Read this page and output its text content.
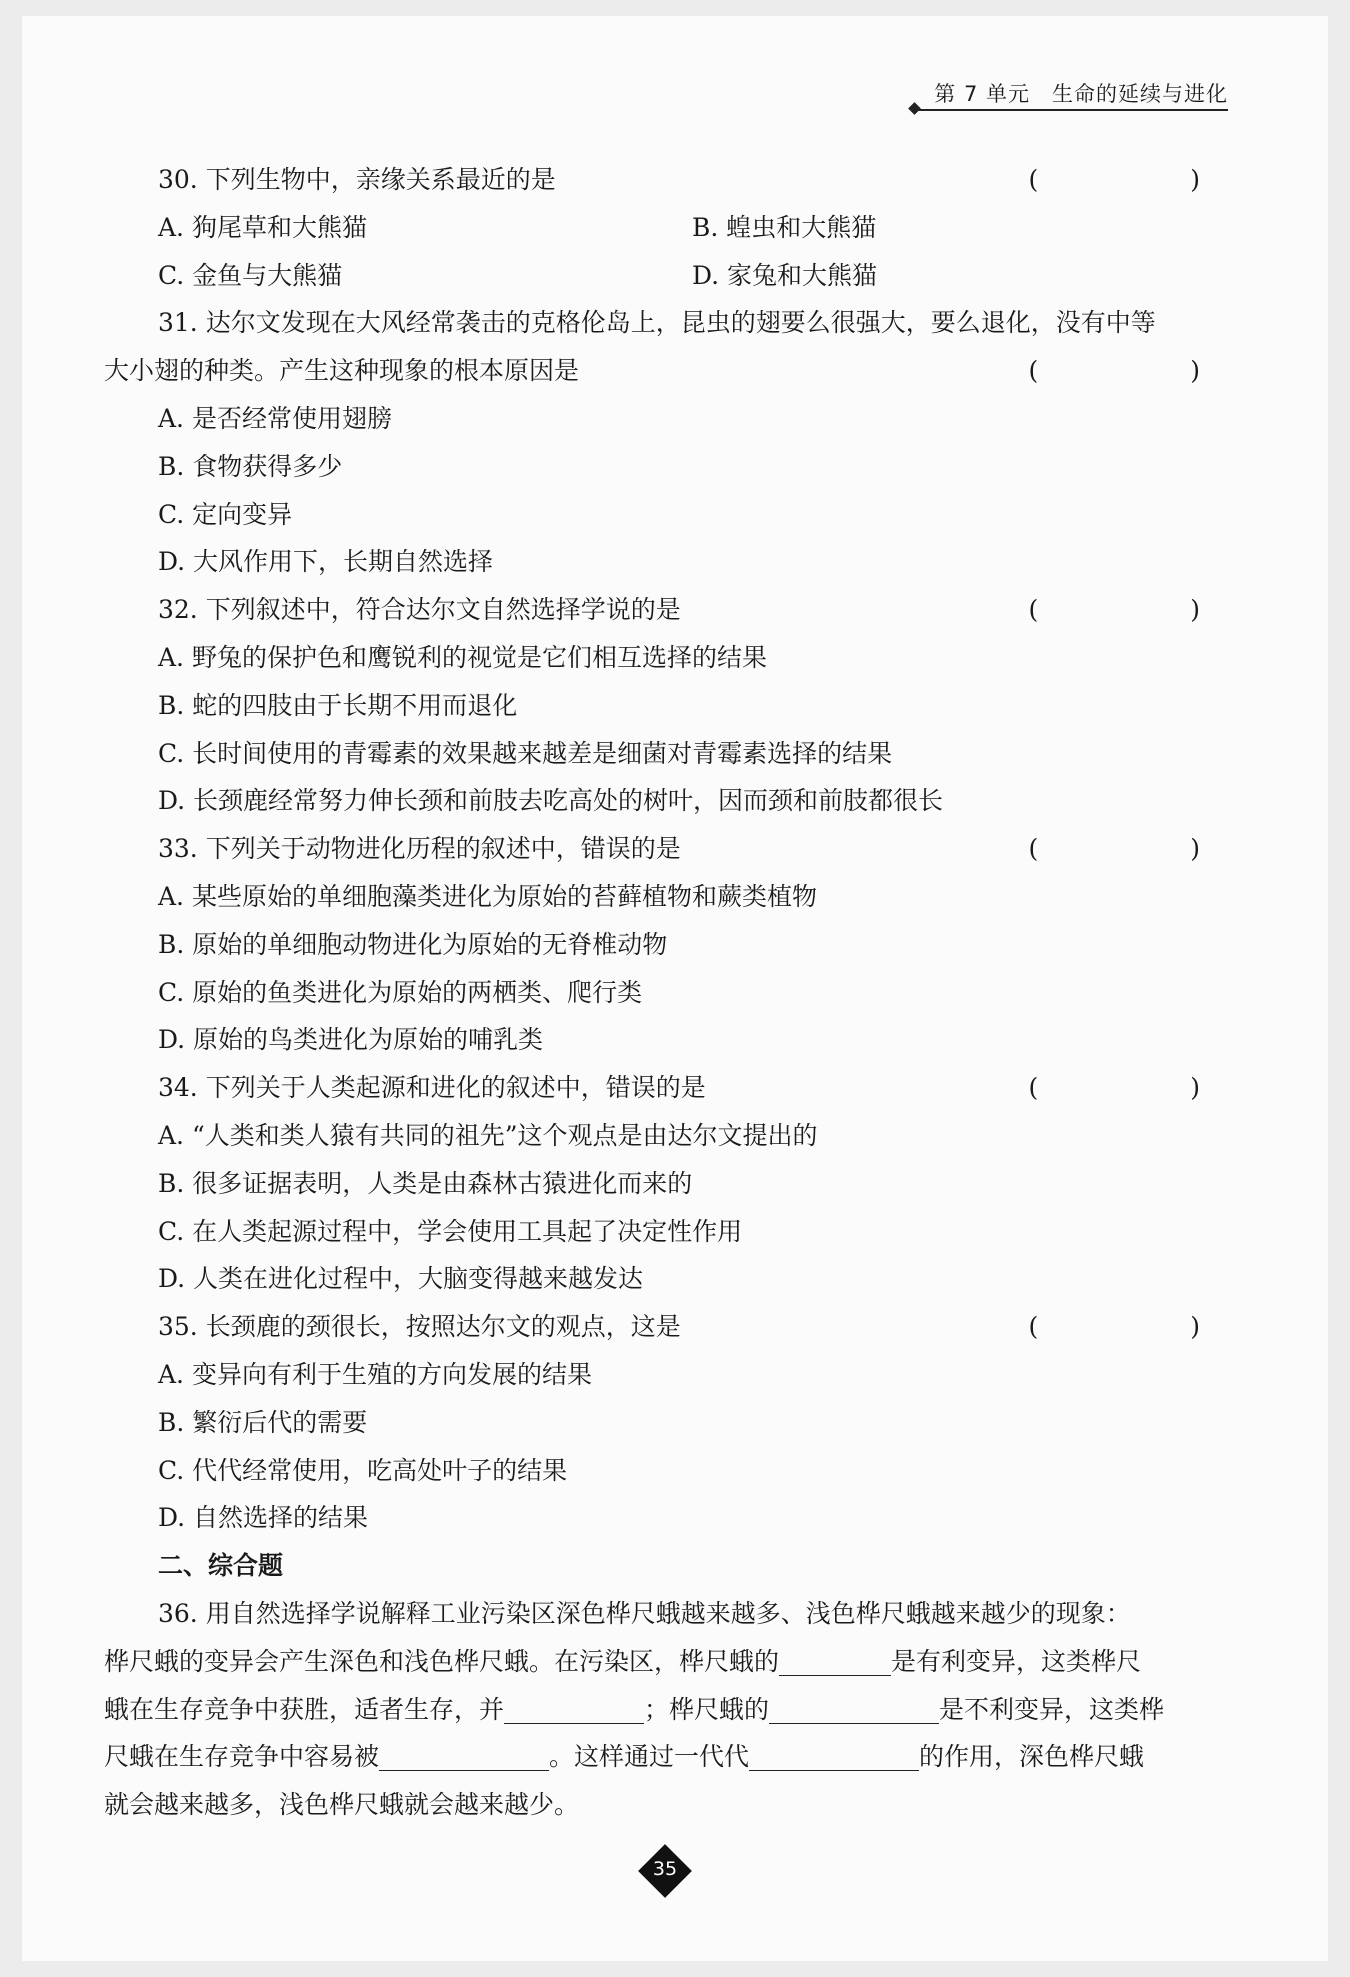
第 7 单元　生命的延续与进化
30. 下列生物中，亲缘关系最近的是	(　　)
A. 狗尾草和大熊猫	B. 蝗虫和大熊猫
C. 金鱼与大熊猫	D. 家兔和大熊猫
31. 达尔文发现在大风经常袭击的克格伦岛上，昆虫的翅要么很强大，要么退化，没有中等
大小翅的种类。产生这种现象的根本原因是	(　　)
A. 是否经常使用翅膀
B. 食物获得多少
C. 定向变异
D. 大风作用下，长期自然选择
32. 下列叙述中，符合达尔文自然选择学说的是	(　　)
A. 野兔的保护色和鹰锐利的视觉是它们相互选择的结果
B. 蛇的四肢由于长期不用而退化
C. 长时间使用的青霉素的效果越来越差是细菌对青霉素选择的结果
D. 长颈鹿经常努力伸长颈和前肢去吃高处的树叶，因而颈和前肢都很长
33. 下列关于动物进化历程的叙述中，错误的是	(　　)
A. 某些原始的单细胞藻类进化为原始的苔藓植物和蕨类植物
B. 原始的单细胞动物进化为原始的无脊椎动物
C. 原始的鱼类进化为原始的两栖类、爬行类
D. 原始的鸟类进化为原始的哺乳类
34. 下列关于人类起源和进化的叙述中，错误的是	(　　)
A. “人类和类人猿有共同的祖先”这个观点是由达尔文提出的
B. 很多证据表明，人类是由森林古猿进化而来的
C. 在人类起源过程中，学会使用工具起了决定性作用
D. 人类在进化过程中，大脑变得越来越发达
35. 长颈鹿的颈很长，按照达尔文的观点，这是	(　　)
A. 变异向有利于生殖的方向发展的结果
B. 繁衍后代的需要
C. 代代经常使用，吃高处叶子的结果
D. 自然选择的结果
二、综合题
36. 用自然选择学说解释工业污染区深色桦尺蛾越来越多、浅色桦尺蛾越来越少的现象：
桦尺蛾的变异会产生深色和浅色桦尺蛾。在污染区，桦尺蛾的	是有利变异，这类桦尺
蛾在生存竞争中获胜，适者生存，并	；桦尺蛾的	是不利变异，这类桦
尺蛾在生存竞争中容易被	。这样通过一代代	的作用，深色桦尺蛾
就会越来越多，浅色桦尺蛾就会越来越少。
35
